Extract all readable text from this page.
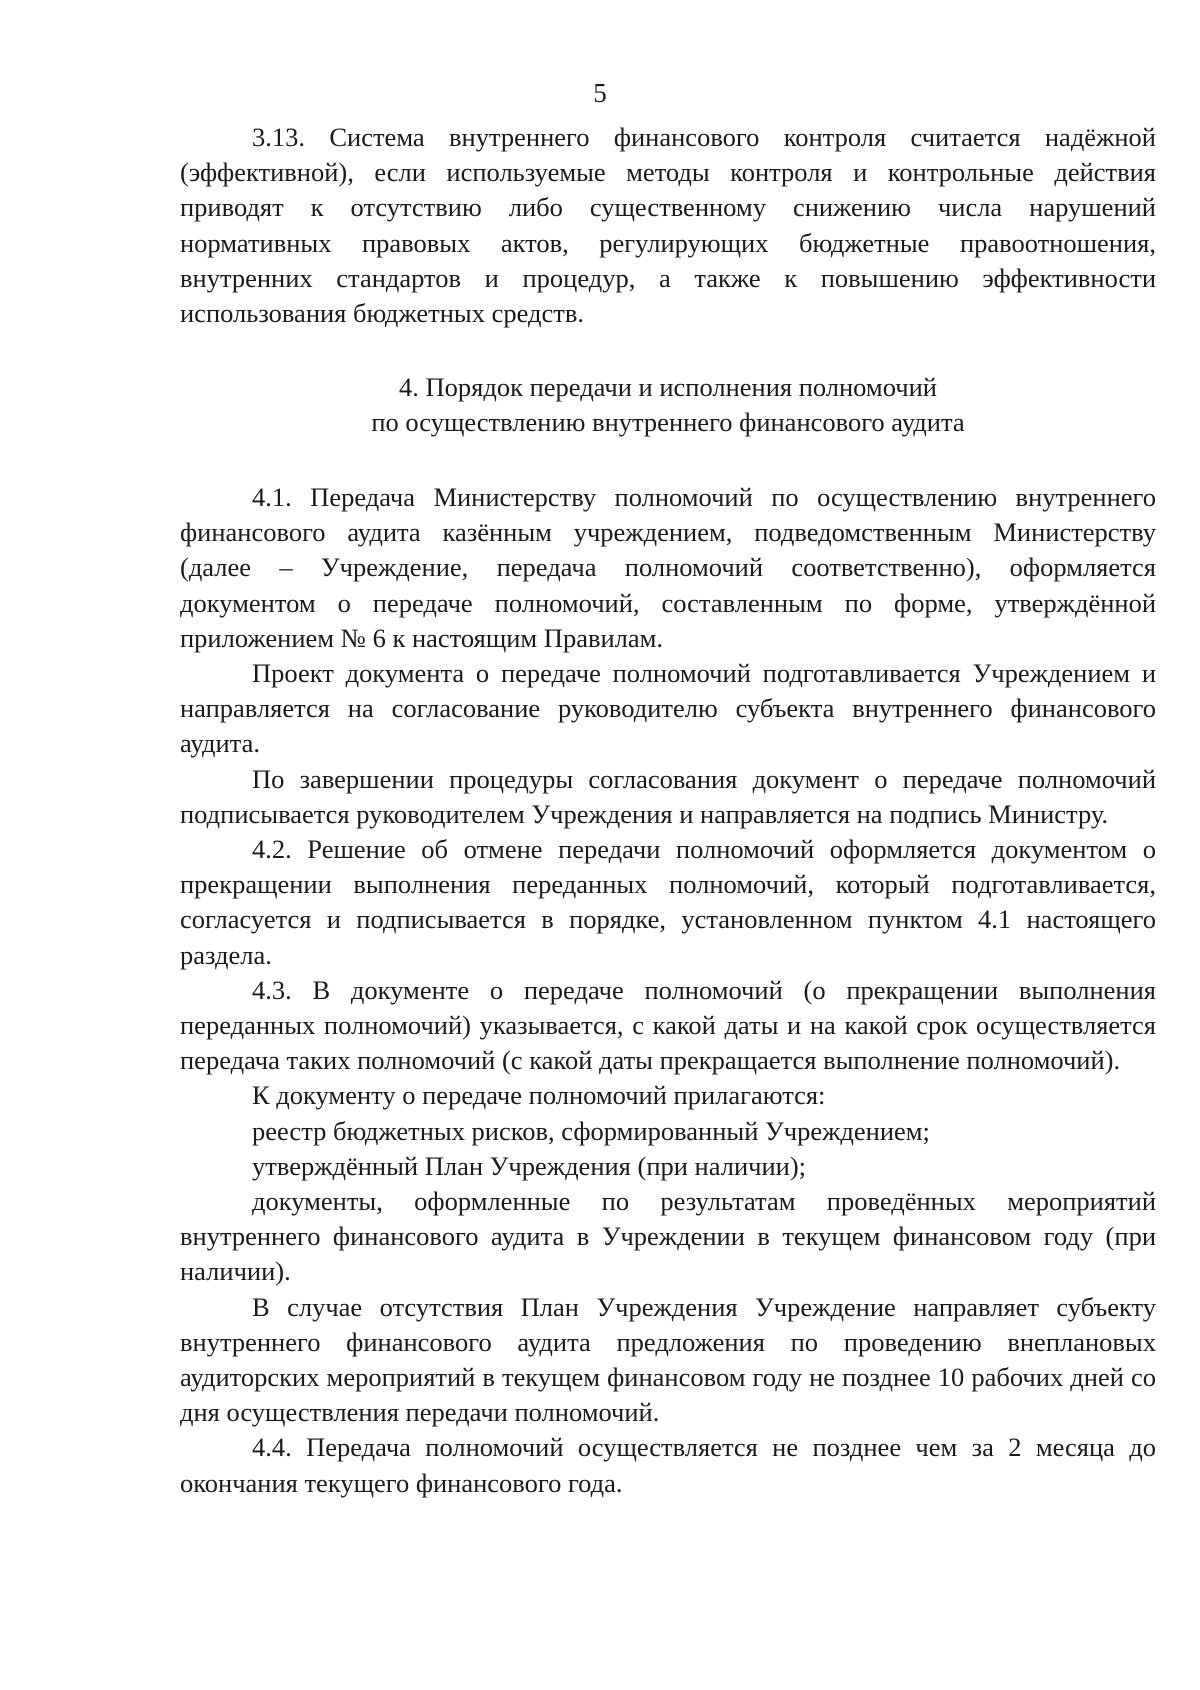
5

3.13. Система внутреннего финансового контроля считается надёжной (эффективной), если используемые методы контроля и контрольные действия приводят к отсутствию либо существенному снижению числа нарушений нормативных правовых актов, регулирующих бюджетные правоотношения, внутренних стандартов и процедур, а также к повышению эффективности использования бюджетных средств.

4. Порядок передачи и исполнения полномочий
по осуществлению внутреннего финансового аудита

4.1. Передача Министерству полномочий по осуществлению внутреннего финансового аудита казённым учреждением, подведомственным Министерству (далее – Учреждение, передача полномочий соответственно), оформляется документом о передаче полномочий, составленным по форме, утверждённой приложением № 6 к настоящим Правилам.

Проект документа о передаче полномочий подготавливается Учреждением и направляется на согласование руководителю субъекта внутреннего финансового аудита.

По завершении процедуры согласования документ о передаче полномочий подписывается руководителем Учреждения и направляется на подпись Министру.

4.2. Решение об отмене передачи полномочий оформляется документом о прекращении выполнения переданных полномочий, который подготавливается, согласуется и подписывается в порядке, установленном пунктом 4.1 настоящего раздела.

4.3. В документе о передаче полномочий (о прекращении выполнения переданных полномочий) указывается, с какой даты и на какой срок осуществляется передача таких полномочий (с какой даты прекращается выполнение полномочий).

К документу о передаче полномочий прилагаются:

реестр бюджетных рисков, сформированный Учреждением;

утверждённый План Учреждения (при наличии);

документы, оформленные по результатам проведённых мероприятий внутреннего финансового аудита в Учреждении в текущем финансовом году (при наличии).

В случае отсутствия План Учреждения Учреждение направляет субъекту внутреннего финансового аудита предложения по проведению внеплановых аудиторских мероприятий в текущем финансовом году не позднее 10 рабочих дней со дня осуществления передачи полномочий.

4.4. Передача полномочий осуществляется не позднее чем за 2 месяца до окончания текущего финансового года.
